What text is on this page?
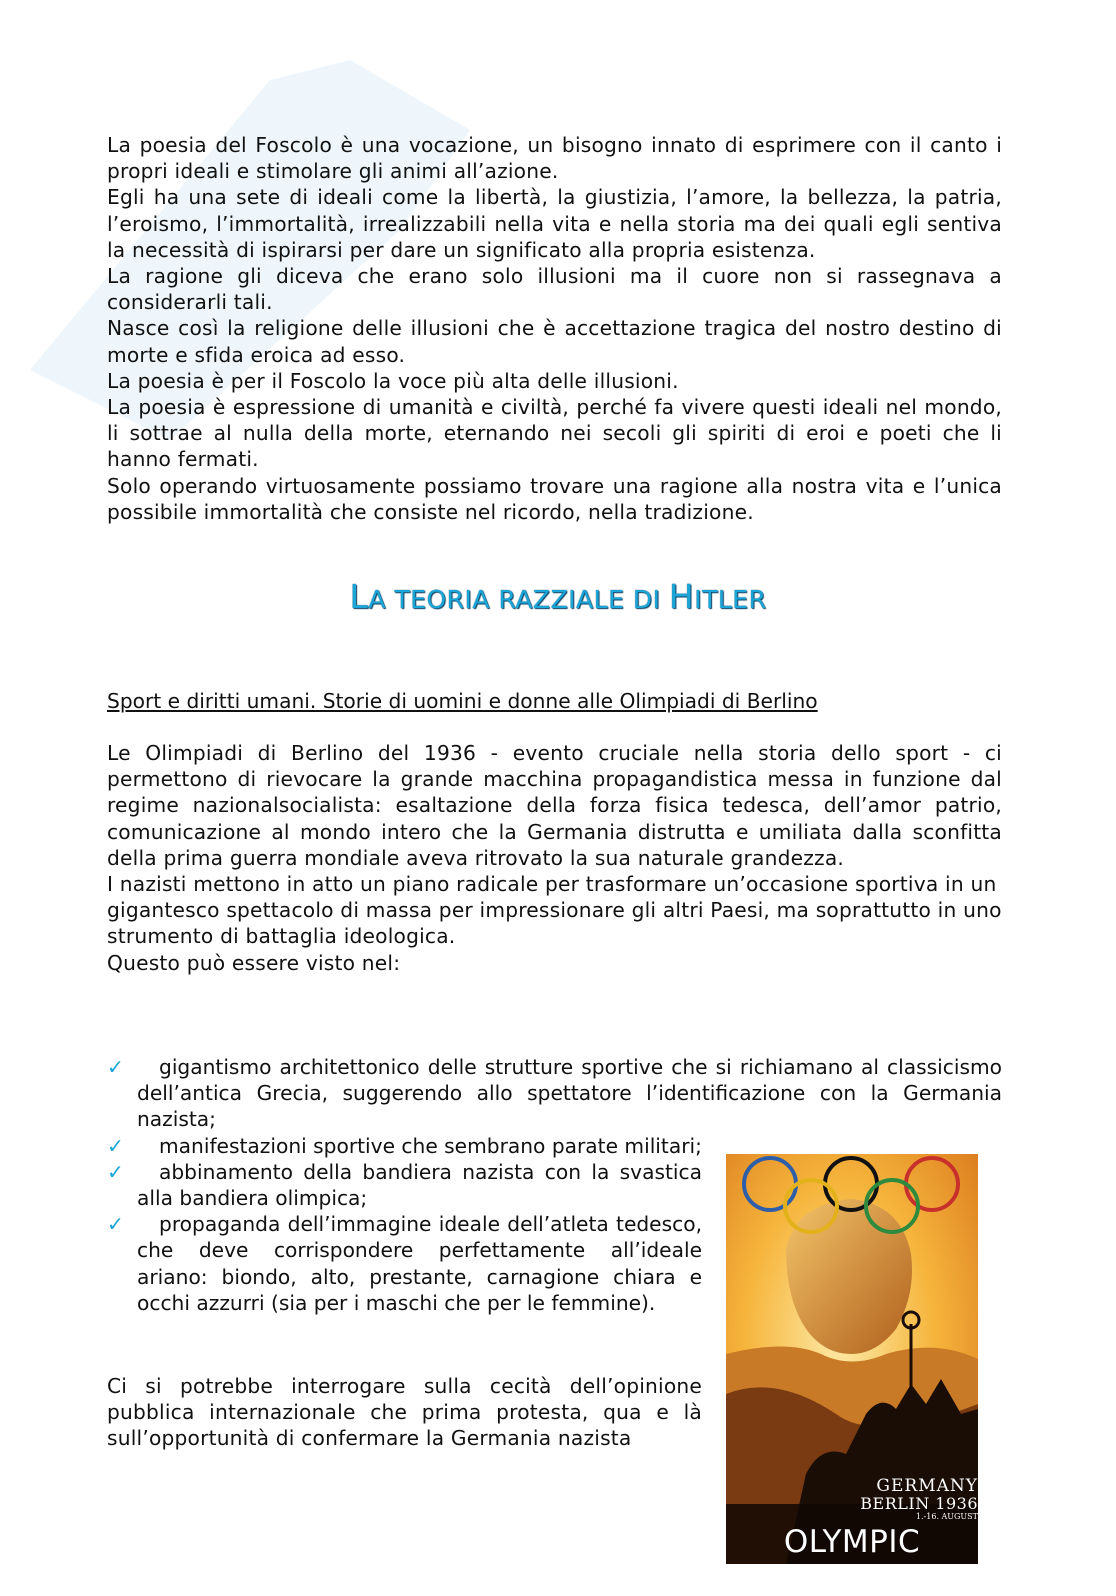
La poesia del Foscolo è una vocazione, un bisogno innato di esprimere con il canto i propri ideali e stimolare gli animi all’azione.

Egli ha una sete di ideali come la libertà, la giustizia, l’amore, la bellezza, la patria, l’eroismo, l’immortalità, irrealizzabili nella vita e nella storia ma dei quali egli sentiva la necessità di ispirarsi per dare un significato alla propria esistenza.

La ragione gli diceva che erano solo illusioni ma il cuore non si rassegnava a considerarli tali.

Nasce così la religione delle illusioni che è accettazione tragica del nostro destino di morte e sfida eroica ad esso.

La poesia è per il Foscolo la voce più alta delle illusioni.

La poesia è espressione di umanità e civiltà, perché fa vivere questi ideali nel mondo, li sottrae al nulla della morte, eternando nei secoli gli spiriti di eroi e poeti che li hanno fermati.

Solo operando virtuosamente possiamo trovare una ragione alla nostra vita e l’unica possibile immortalità che consiste nel ricordo, nella tradizione.

LA TEORIA RAZZIALE DI HITLER
Sport e diritti umani. Storie di uomini e donne alle Olimpiadi di Berlino

Le Olimpiadi di Berlino del 1936 - evento cruciale nella storia dello sport - ci permettono di rievocare la grande macchina propagandistica messa in funzione dal regime nazionalsocialista: esaltazione della forza fisica tedesca, dell’amor patrio, comunicazione al mondo intero che la Germania distrutta e umiliata dalla sconfitta della prima guerra mondiale aveva ritrovato la sua naturale grandezza.

I nazisti mettono in atto un piano radicale per trasformare un’occasione sportiva in un

gigantesco spettacolo di massa per impressionare gli altri Paesi, ma soprattutto in uno

strumento di battaglia ideologica.

Questo può essere visto nel:

✓	gigantismo architettonico delle strutture sportive che si richiamano al classicismo dell’antica Grecia, suggerendo allo spettatore l’identificazione con la Germania nazista;
✓	manifestazioni sportive che sembrano parate militari;
✓	abbinamento della bandiera nazista con la svastica alla bandiera olimpica;
✓	propaganda dell’immagine ideale dell’atleta tedesco, che deve corrispondere perfettamente all’ideale ariano: biondo, alto, prestante, carnagione chiara e occhi azzurri (sia per i maschi che per le femmine).

Ci si potrebbe interrogare sulla cecità dell’opinione pubblica internazionale che prima protesta, qua e là sull’opportunità di confermare la Germania nazista

GERMANY
BERLIN 1936
1.-16. AUGUST
OLYMPIC GAMES
